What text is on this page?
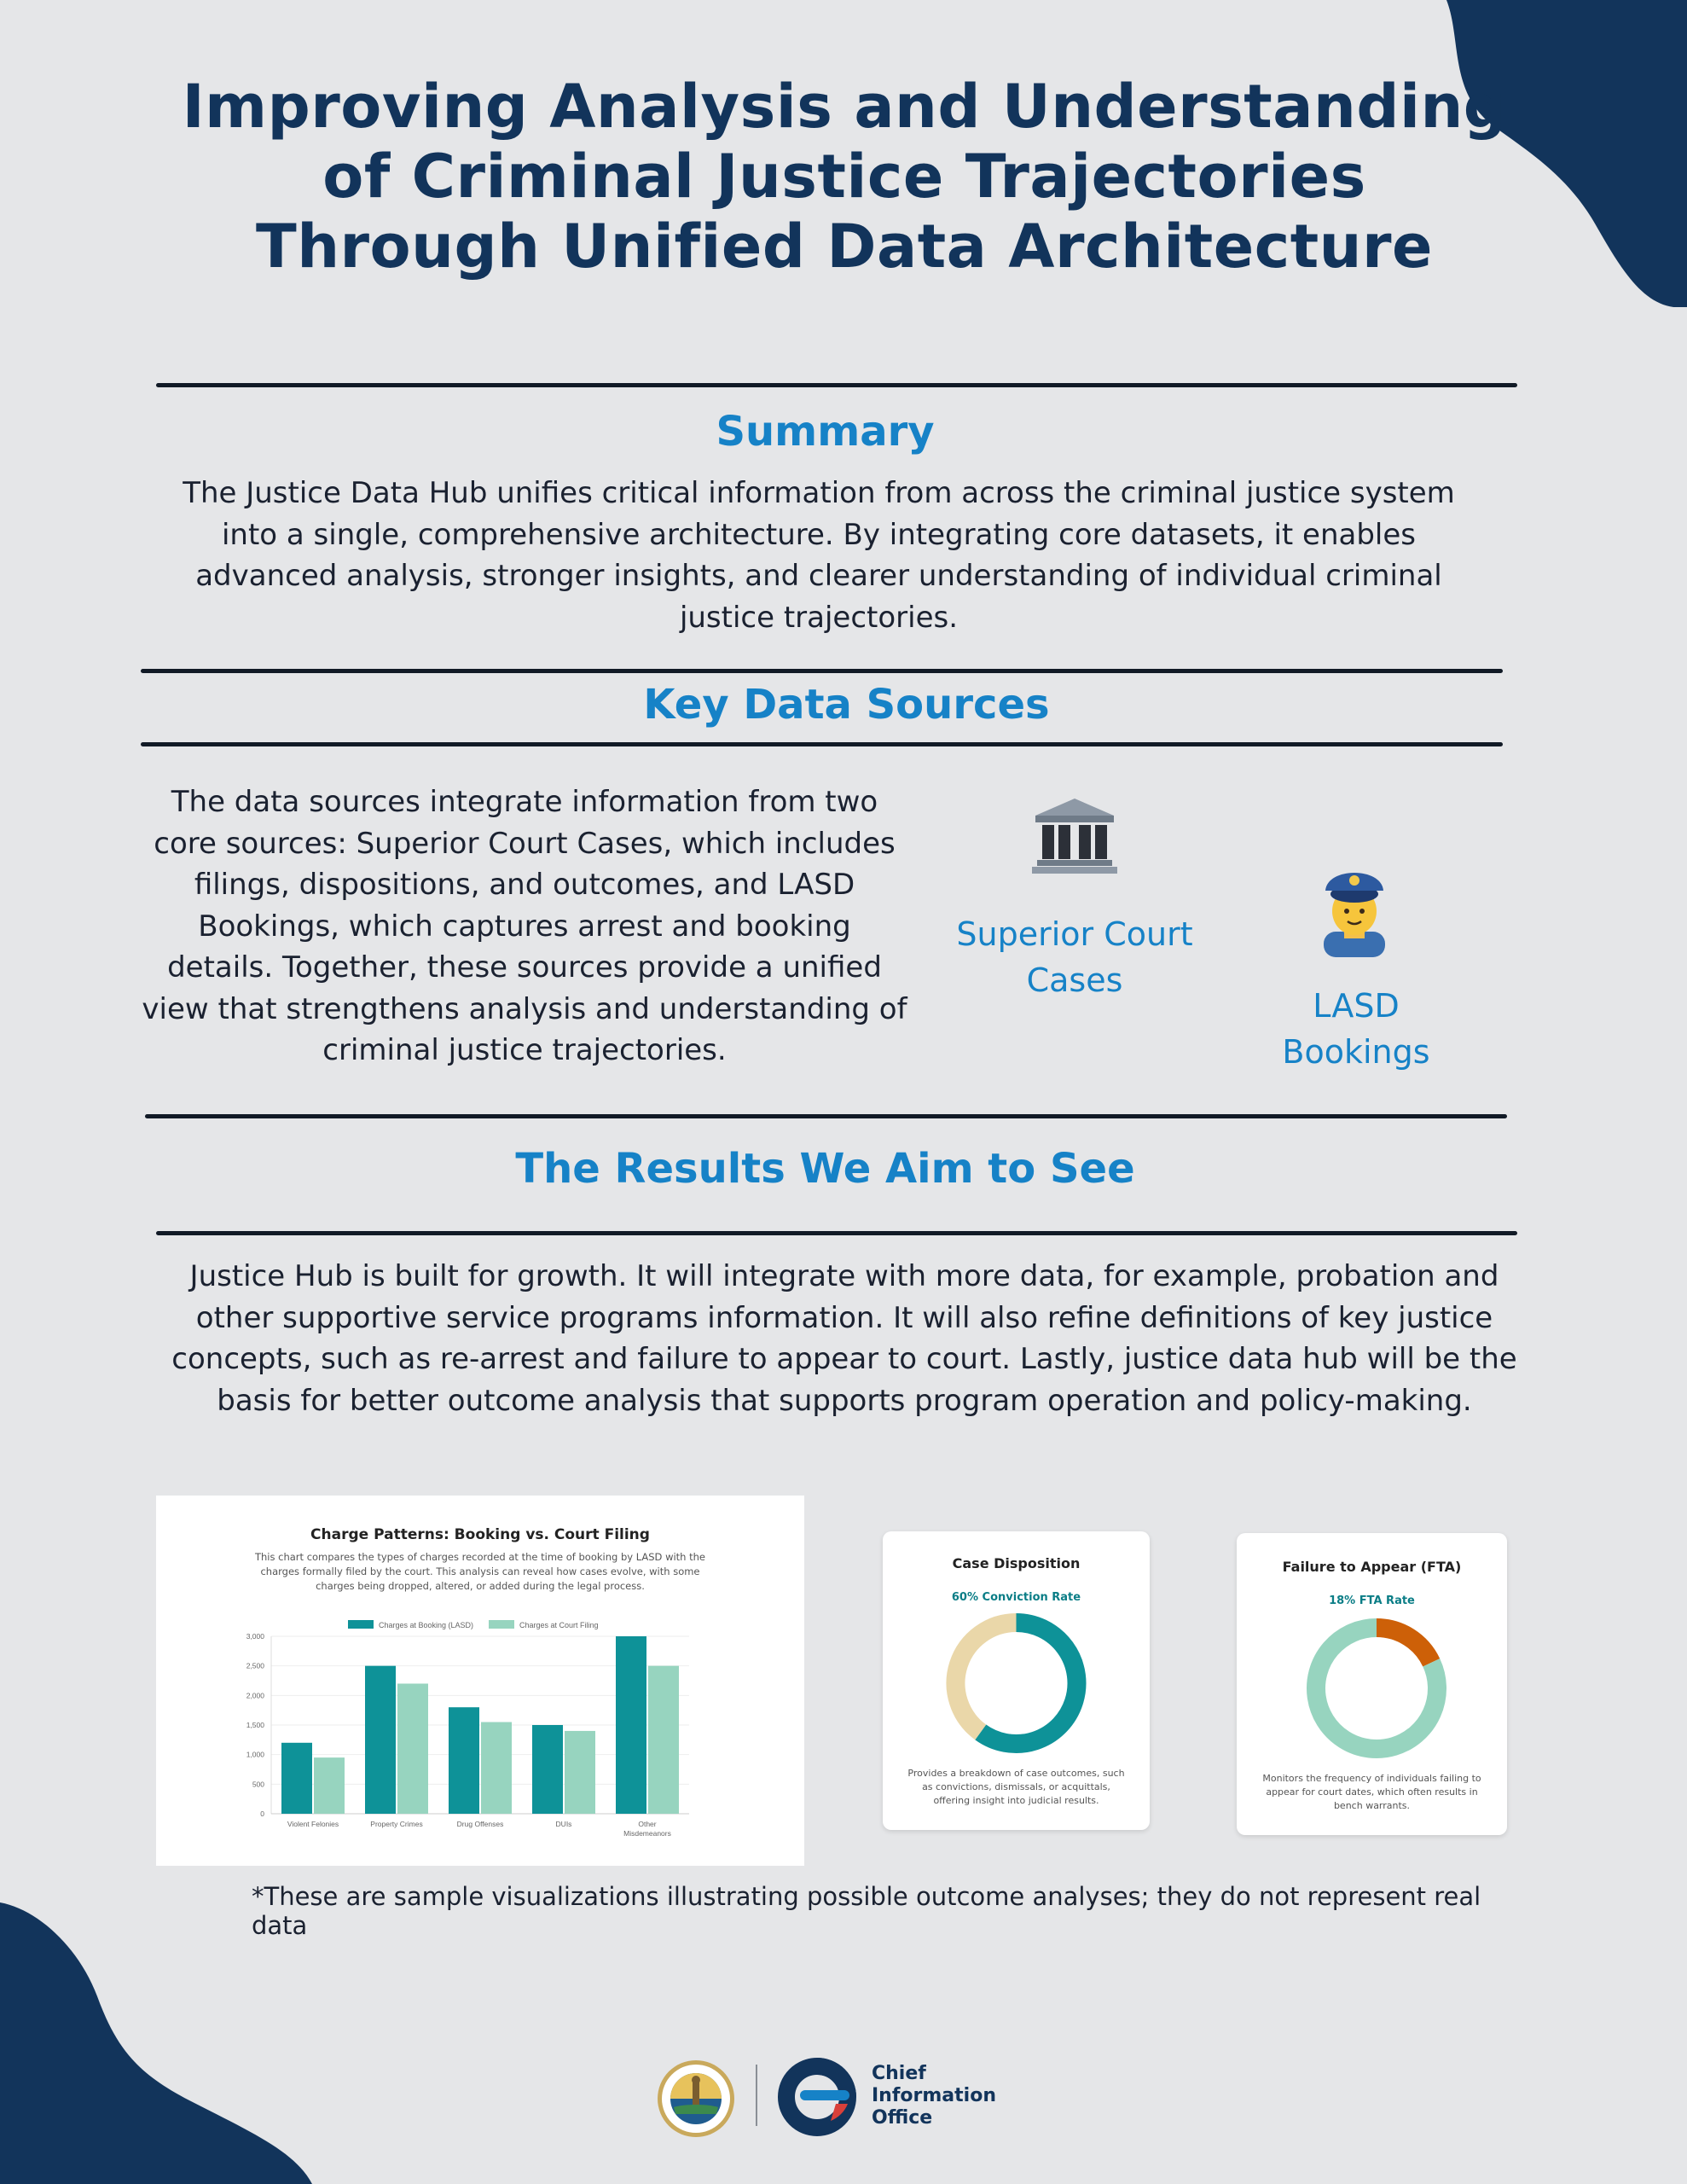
Improving Analysis and Understanding of Criminal Justice Trajectories Through Unified Data Architecture
Summary

The Justice Data Hub unifies critical information from across the criminal justice system into a single, comprehensive architecture. By integrating core datasets, it enables advanced analysis, stronger insights, and clearer understanding of individual criminal justice trajectories.

Key Data Sources

The data sources integrate information from two core sources: Superior Court Cases, which includes filings, dispositions, and outcomes, and LASD Bookings, which captures arrest and booking details. Together, these sources provide a unified view that strengthens analysis and understanding of criminal justice trajectories.

Superior Court Cases
LASD Bookings
The Results We Aim to See

Justice Hub is built for growth. It will integrate with more data, for example, probation and other supportive service programs information. It will also refine definitions of key justice concepts, such as re-arrest and failure to appear to court. Lastly, justice data hub will be the basis for better outcome analysis that supports program operation and policy-making.

Charge Patterns: Booking vs. Court Filing
This chart compares the types of charges recorded at the time of booking by LASD with the charges formally filed by the court. This analysis can reveal how cases evolve, with some charges being dropped, altered, or added during the legal process.
Charges at Booking (LASD)	Charges at Court Filing
0
500
1,000
1,500
2,000
2,500
3,000
Violent Felonies	Property Crimes	Drug Offenses	DUIs	Other
Misdemeanors
Case Disposition
60% Conviction Rate
Provides a breakdown of case outcomes, such as convictions, dismissals, or acquittals, offering insight into judicial results.
Failure to Appear (FTA)
18% FTA Rate
Monitors the frequency of individuals failing to appear for court dates, which often results in bench warrants.
*These are sample visualizations illustrating possible outcome analyses; they do not represent real data
Chief
Information
Office
